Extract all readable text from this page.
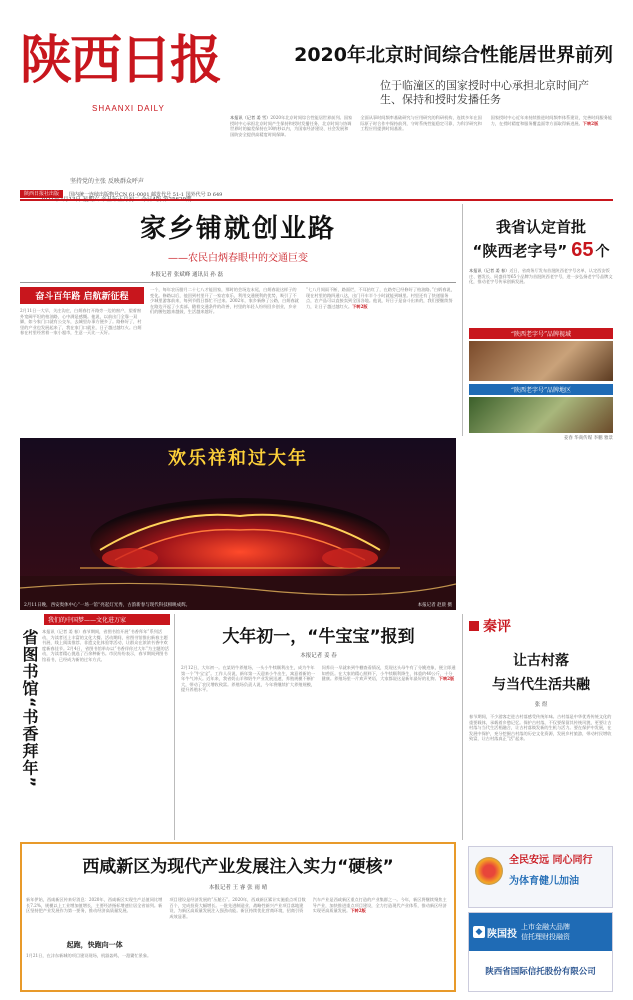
陕西日报
SHAANXI DAILY
坚持党的主张 反映群众呼声
陕西日报社出版	国内统一连续出版物号CN 61-0001 邮发代号 51-1 国外代号 D 649
2020年北京时间综合性能居世界前列
位于临潼区的国家授时中心承担北京时间产生、保持和授时发播任务
本报讯（记者 姜 雪）2020年北京时间综合性能居世界前列。国家授时中心承担北京时间产生保持和授时发播任务，北京时间与协调世界时的偏差保持在10纳秒以内，为国家经济建设、社会发展和国防安全提供高精度时间保障。
全面从事时间频率基础研究与应用研究的科研机构，连续多年在国际原子时合作中保持前列，守时系统性能稳定可靠，为科学研究和工程应用提供时间基准。
国家授时中心近年来持续推进时间频率体系建设，完善时间服务能力，在授时精度和服务覆盖面等方面取得新进展。下转2版
家乡铺就创业路
——农民白炳春眼中的交通巨变
本报记者 张斌峰 通讯员 孙 磊
奋斗百年路 启航新征程
2月11日一大早，关庄沟庄，白炳春打开路旁一边的窗户，望着窗外宽阔平坦的柏油路，心中满是感慨。他说，以前出门全靠一双脚，如今家门口就有公交车，去城里办事方便多了。路修好了，村里的产业也发展起来了，我在家门口就业，日子越过越红火。白炳春在村里经营着一家小超市，生意一天比一天好。
一个，每年农历腊月二十七八才能回家，那时的会场边末尾，白炳春说这样子的变化。修路以后，他回到村里开了一家农家乐，利用交通便利的优势，吸引了不少城里游客前来，每到节假日都忙不过来。2002年，家乡新修了公路，白炳春就在路边开起了小卖部。随着交通条件的改善，村里的年轻人纷纷回乡创业，乡亲们的腰包越来越鼓，生活越来越好。
“七八月间雨不断，路面烂，不耳抬红了，在路旁已经修好了柏油路。”白炳春说，现在村里的路四通八达，出门开车半个小时就能到城里。村里还有了快递服务点，农产品可以直接卖到全国各地。他说，好日子是奋斗出来的，我们要继续努力，让日子越过越红火。下转2版
我省认定首批
“陕西老字号” 65 个
本报讯（记者 姜 春）近日，省商务厅发布首批陕西老字号名单，认定西安饭庄、德发长、同盛祥等65个品牌为首批陕西老字号，进一步弘扬老字号品牌文化，推动老字号传承创新发展。
“陕西老字号”品牌视域
“陕西老字号”品牌地区
姜春 华商传媒 李鹏 雅景
欢乐祥和过大年
2月11日晚，西安奥体中心“一场一馆”亮起灯光秀，古韵新春与现代科技相映成辉。	本报记者 赵晨 摄
我们的中国梦——文化进万家
省图书馆“书香拜年” 本报讯（记者 姜 春）春节期间，省图书馆开展“书香拜年”系列活动，为读者送上丰富的文化大餐。活动期间，省图书馆推出新春主题书展、线上阅读推荐、非遗文化体验等活动，让群众在浓浓书香中欢度新春佳节。2月4日，省图书馆举办以“书香伴你过大年”为主题的活动，为读者精心挑选了百余种新书。市民纷纷表示，春节期间到图书馆看书，已经成为新的过年方式。
大年初一，“牛宝宝”报到
本报记者 姜 春
2月12日，大年初一。在某奶牛养殖场，一头小牛犊顺利出生，成为牛年第一个“牛宝宝”。工作人员说，新年第一天迎来小牛出生，寓意着新的一年牛气冲天。近年来，我省奶山羊和奶牛产业发展迅速，养殖规模不断扩大，带动了农民增收致富。养殖场负责人说，今年将继续扩大养殖规模，提升养殖水平。
饲养员一早就来到牛棚查看情况，发现这头母牛有了分娩迹象，便立即通知兽医。在大家的精心照料下，小牛犊顺利降生，体重约40公斤，十分健康。养殖场里一片欢声笑语，大家都说这是新年最好的礼物。下转2版
秦评
让古村落
与当代生活共融
张 煜
春节期间，不少游客走进古村落感受传统年味。古村落是中华优秀传统文化的重要载体，承载着乡愁记忆。保护古村落，不仅要保留其传统风貌，更要让古村落与当代生活相融合，让古村落焕发新的生机与活力。要在保护中发展，在发展中保护，充分挖掘古村落的历史文化资源，发展乡村旅游，带动村民增收致富，让古村落真正“活”起来。
西咸新区为现代产业发展注入实力“硬核”
本报记者 王 睿 张 雨 晴
新年伊始，西咸新区传来好消息：2020年，西咸新区实现生产总值同比增长7.2%，规模以上工业增加值增长，主要经济指标增速位居全省前列。新区坚持把产业发展作为第一要务，推动经济高质量发展。
起跑，快跑向一体
1月21日，在沣东新城的项目建设现场，机器轰鸣，一派繁忙景象。
项目建设是经济发展的“压舱石”。2020年，西咸新区累计实施重点项目数百个，完成投资大幅增长。一批先进制造业、战略性新兴产业项目落地建设，为新区高质量发展注入强劲动能。新区持续优化营商环境，招商引资成效显著。
汽车产业是西咸新区重点打造的产业集群之一。今年，新区将继续聚焦主导产业，加快推进重点项目建设，全力打造现代产业体系，推动新区经济实现更高质量发展。下转2版
全民安远 同心同行
为体育健儿加油
◆ 陕国投
上市金融大品牌
信托理财投融资
陕西省国际信托股份有限公司
